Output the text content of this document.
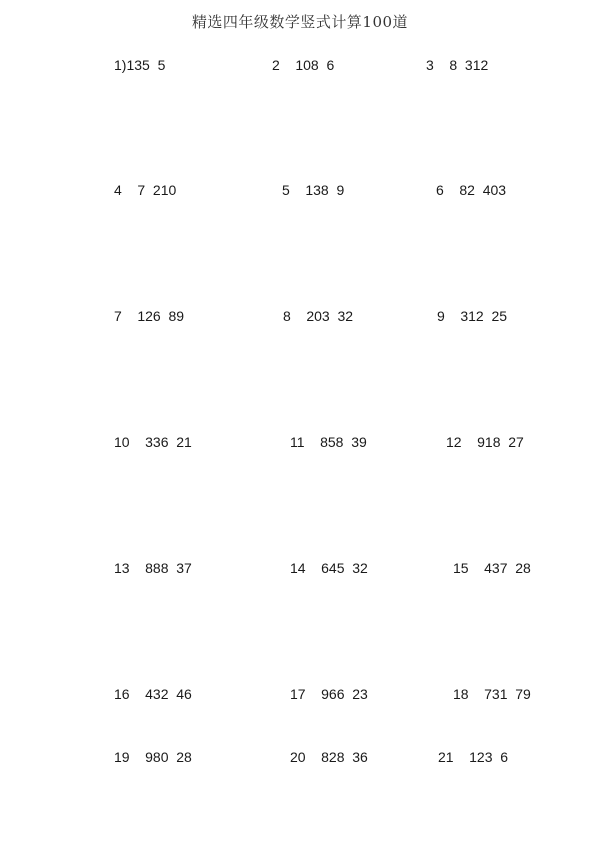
精选四年级数学竖式计算100道
1)135  5	2    108  6	3    8  312
4    7  210	5    138  9	6    82  403
7    126  89	8    203  32	9    312  25
10    336  21	11    858  39	12    918  27
13    888  37	14    645  32	15    437  28
16    432  46	17    966  23	18    731  79
19    980  28	20    828  36	21    123  6
